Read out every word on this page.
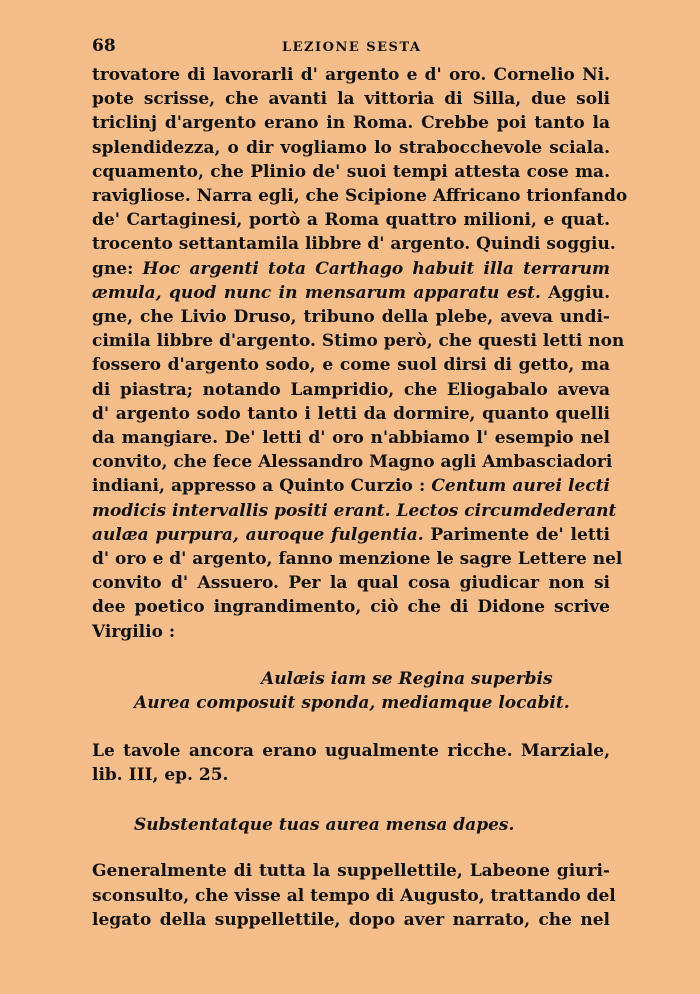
68	LEZIONE SESTA
trovatore di lavorarli d' argento e d' oro. Cornelio Ni.
pote scrisse, che avanti la vittoria di Silla, due soli
triclinj d'argento erano in Roma. Crebbe poi tanto la
splendidezza, o dir vogliamo lo strabocchevole sciala.
cquamento, che Plinio de' suoi tempi attesta cose ma.
ravigliose. Narra egli, che Scipione Affricano trionfando
de' Cartaginesi, portò a Roma quattro milioni, e quat.
trocento settantamila libbre d' argento. Quindi soggiu.
gne: Hoc argenti tota Carthago habuit illa terrarum
æmula, quod nunc in mensarum apparatu est. Aggiu.
gne, che Livio Druso, tribuno della plebe, aveva undi-
cimila libbre d'argento. Stimo però, che questi letti non
fossero d'argento sodo, e come suol dirsi di getto, ma
di piastra; notando Lampridio, che Eliogabalo aveva
d' argento sodo tanto i letti da dormire, quanto quelli
da mangiare. De' letti d' oro n'abbiamo l' esempio nel
convito, che fece Alessandro Magno agli Ambasciadori
indiani, appresso a Quinto Curzio : Centum aurei lecti
modicis intervallis positi erant. Lectos circumdederant
aulæa purpura, auroque fulgentia. Parimente de' letti
d' oro e d' argento, fanno menzione le sagre Lettere nel
convito d' Assuero. Per la qual cosa giudicar non si
dee poetico ingrandimento, ciò che di Didone scrive
Virgilio :
Aulæis iam se Regina superbis
Aurea composuit sponda, mediamque locabit.
Le tavole ancora erano ugualmente ricche. Marziale,
lib. III, ep. 25.
Substentatque tuas aurea mensa dapes.
Generalmente di tutta la suppellettile, Labeone giuri-
sconsulto, che visse al tempo di Augusto, trattando del
legato della suppellettile, dopo aver narrato, che nel
